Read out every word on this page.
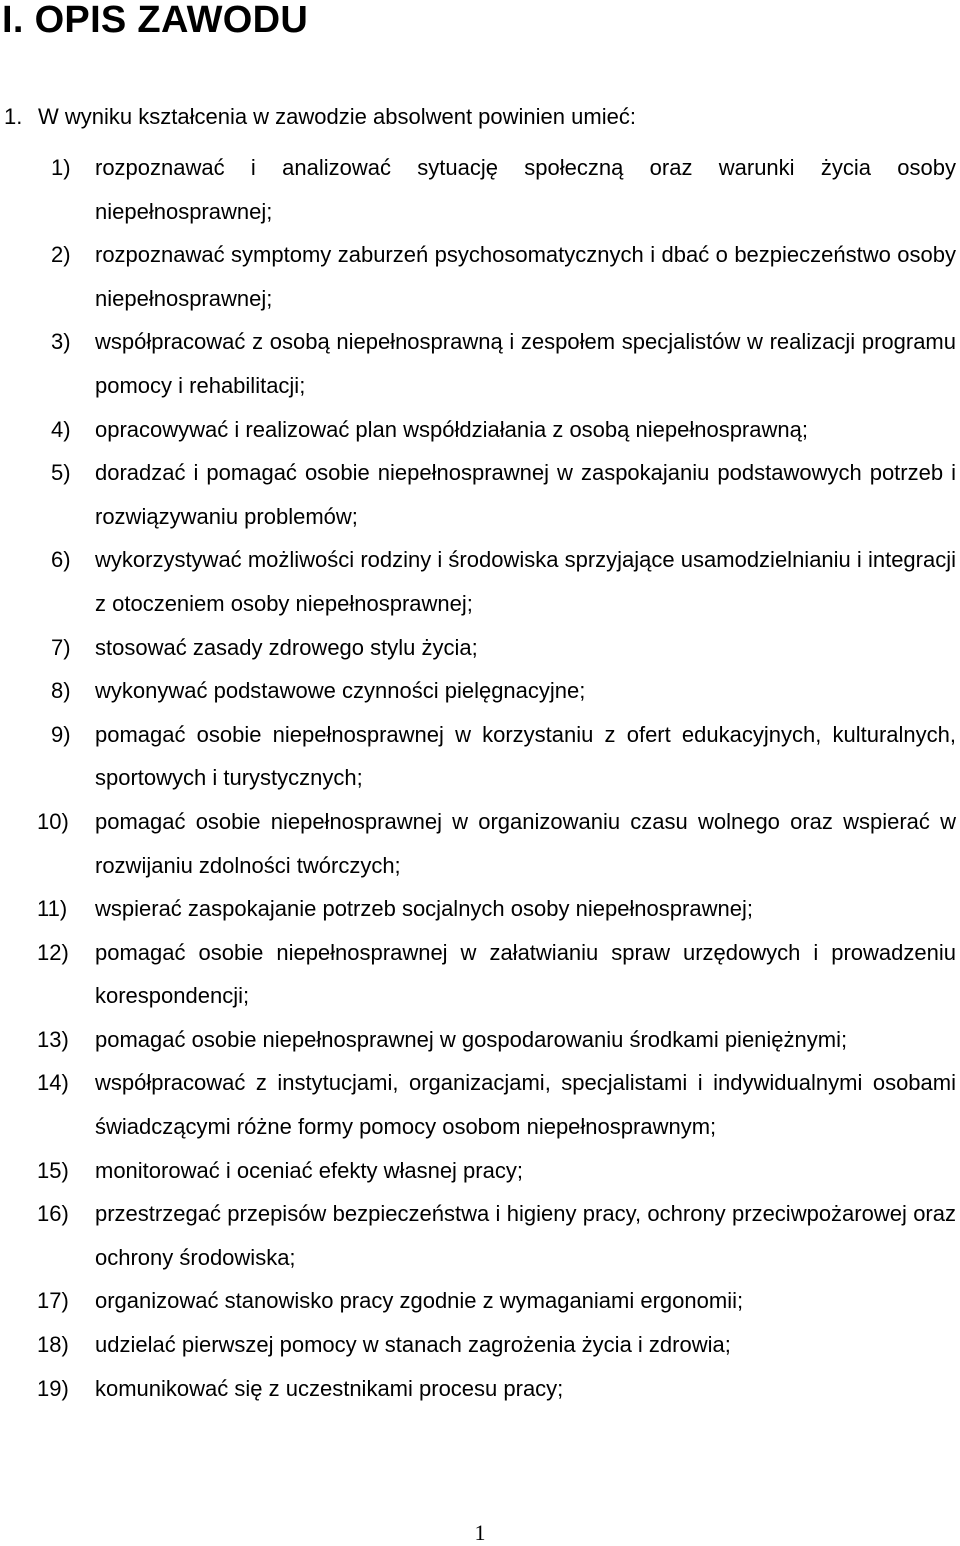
I. OPIS ZAWODU

1. W wyniku kształcenia w zawodzie absolwent powinien umieć:

1) rozpoznawać i analizować sytuację społeczną oraz warunki życia osoby niepełnosprawnej;
2) rozpoznawać symptomy zaburzeń psychosomatycznych i dbać o bezpieczeństwo osoby niepełnosprawnej;
3) współpracować z osobą niepełnosprawną i zespołem specjalistów w realizacji programu pomocy i rehabilitacji;
4) opracowywać i realizować plan współdziałania z osobą niepełnosprawną;
5) doradzać i pomagać osobie niepełnosprawnej w zaspokajaniu podstawowych potrzeb i rozwiązywaniu problemów;
6) wykorzystywać możliwości rodziny i środowiska sprzyjające usamodzielnianiu i integracji z otoczeniem osoby niepełnosprawnej;
7) stosować zasady zdrowego stylu życia;
8) wykonywać podstawowe czynności pielęgnacyjne;
9) pomagać osobie niepełnosprawnej w korzystaniu z ofert edukacyjnych, kulturalnych, sportowych i turystycznych;
10) pomagać osobie niepełnosprawnej w organizowaniu czasu wolnego oraz wspierać w rozwijaniu zdolności twórczych;
11) wspierać zaspokajanie potrzeb socjalnych osoby niepełnosprawnej;
12) pomagać osobie niepełnosprawnej w załatwianiu spraw urzędowych i prowadzeniu korespondencji;
13) pomagać osobie niepełnosprawnej w gospodarowaniu środkami pieniężnymi;
14) współpracować z instytucjami, organizacjami, specjalistami i indywidualnymi osobami świadczącymi różne formy pomocy osobom niepełnosprawnym;
15) monitorować i oceniać efekty własnej pracy;
16) przestrzegać przepisów bezpieczeństwa i higieny pracy, ochrony przeciwpożarowej oraz ochrony środowiska;
17) organizować stanowisko pracy zgodnie z wymaganiami ergonomii;
18) udzielać pierwszej pomocy w stanach zagrożenia życia i zdrowia;
19) komunikować się z uczestnikami procesu pracy;
1
